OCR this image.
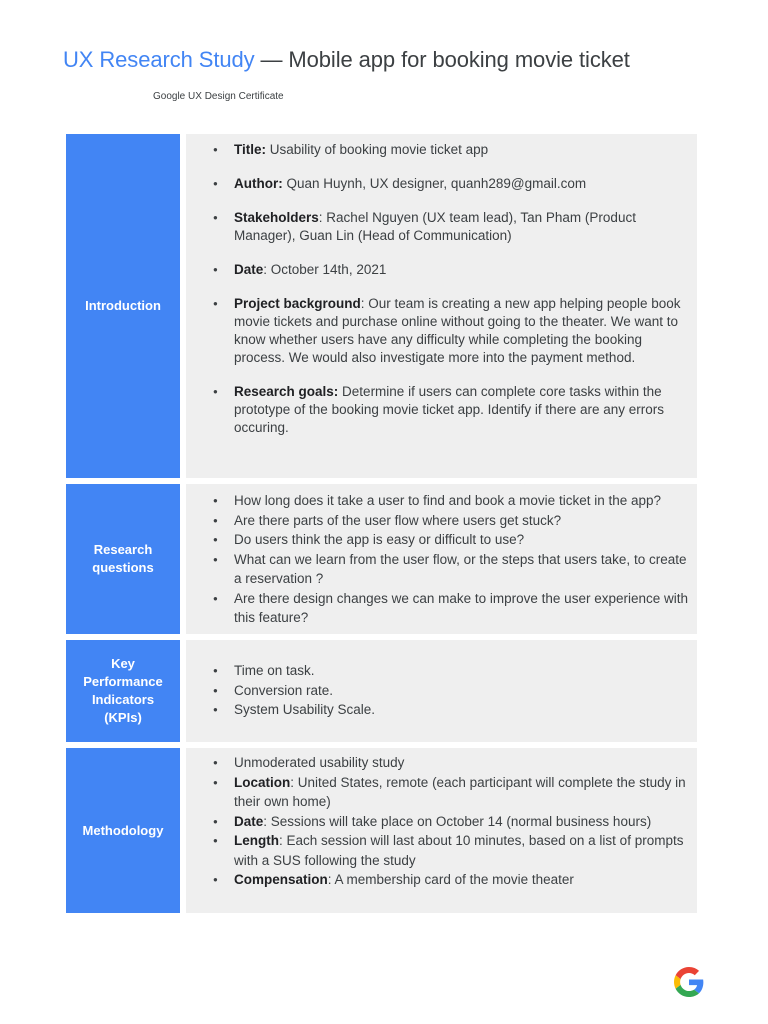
UX Research Study — Mobile app for booking movie ticket
Google UX Design Certificate
Introduction
● Title: Usability of booking movie ticket app
● Author: Quan Huynh, UX designer, quanh289@gmail.com
● Stakeholders: Rachel Nguyen (UX team lead), Tan Pham (Product Manager), Guan Lin (Head of Communication)
● Date: October 14th, 2021
● Project background: Our team is creating a new app helping people book movie tickets and purchase online without going to the theater. We want to know whether users have any difficulty while completing the booking process. We would also investigate more into the payment method.
● Research goals: Determine if users can complete core tasks within the prototype of the booking movie ticket app. Identify if there are any errors occuring.
Research questions
● How long does it take a user to find and book a movie ticket in the app?
● Are there parts of the user flow where users get stuck?
● Do users think the app is easy or difficult to use?
● What can we learn from the user flow, or the steps that users take, to create a reservation ?
● Are there design changes we can make to improve the user experience with this feature?
Key Performance Indicators (KPIs)
● Time on task.
● Conversion rate.
● System Usability Scale.
Methodology
● Unmoderated usability study
● Location: United States, remote (each participant will complete the study in their own home)
● Date: Sessions will take place on October 14 (normal business hours)
● Length: Each session will last about 10 minutes, based on a list of prompts with a SUS following the study
● Compensation: A membership card of the movie theater
